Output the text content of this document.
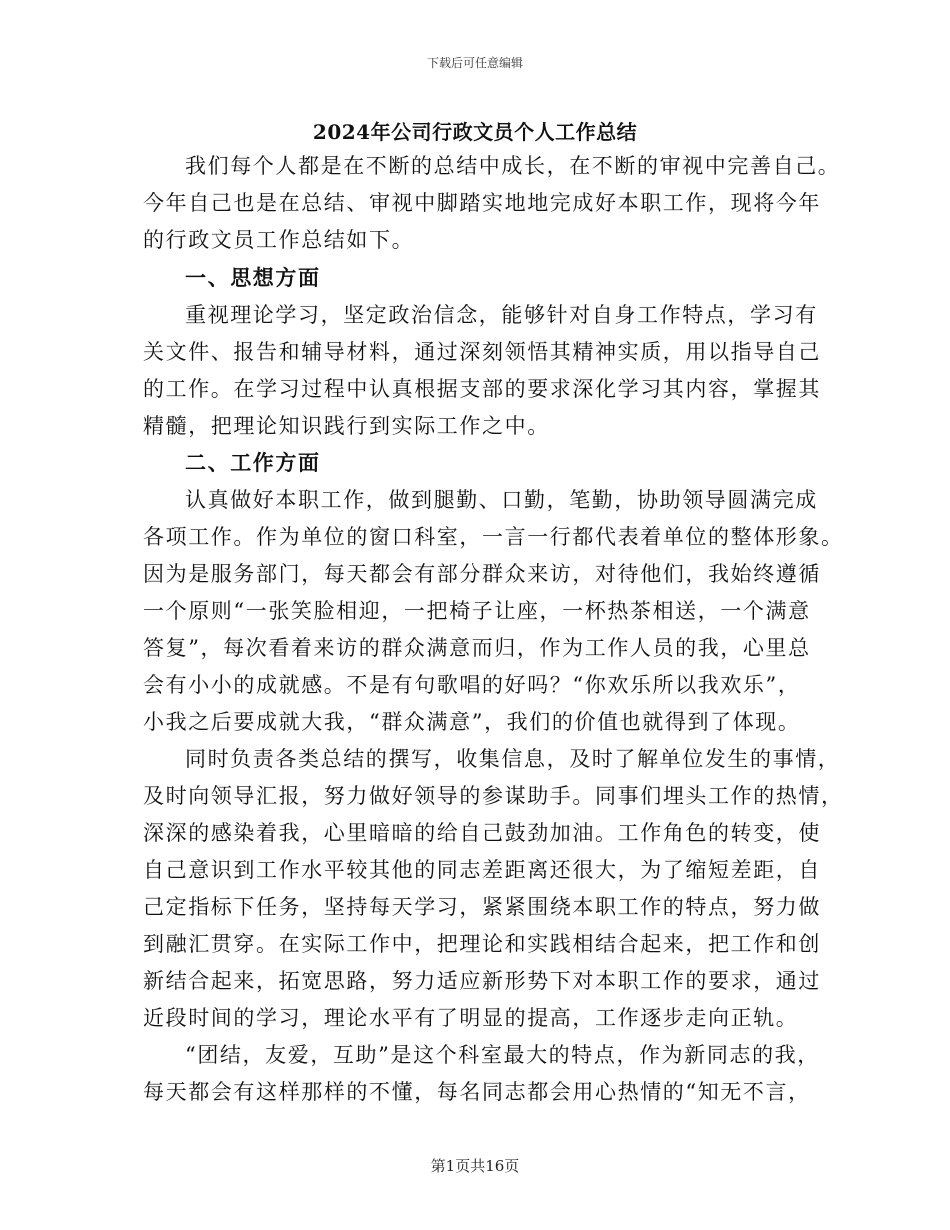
下载后可任意编辑
2024年公司行政文员个人工作总结
我们每个人都是在不断的总结中成长，在不断的审视中完善自己。
今年自己也是在总结、审视中脚踏实地地完成好本职工作，现将今年
的行政文员工作总结如下。
一、思想方面
重视理论学习，坚定政治信念，能够针对自身工作特点，学习有
关文件、报告和辅导材料，通过深刻领悟其精神实质，用以指导自己
的工作。在学习过程中认真根据支部的要求深化学习其内容，掌握其
精髓，把理论知识践行到实际工作之中。
二、工作方面
认真做好本职工作，做到腿勤、口勤，笔勤，协助领导圆满完成
各项工作。作为单位的窗口科室，一言一行都代表着单位的整体形象。
因为是服务部门，每天都会有部分群众来访，对待他们，我始终遵循
一个原则“一张笑脸相迎，一把椅子让座，一杯热茶相送，一个满意
答复”，每次看着来访的群众满意而归，作为工作人员的我，心里总
会有小小的成就感。不是有句歌唱的好吗？“你欢乐所以我欢乐”，
小我之后要成就大我，“群众满意”，我们的价值也就得到了体现。
同时负责各类总结的撰写，收集信息，及时了解单位发生的事情，
及时向领导汇报，努力做好领导的参谋助手。同事们埋头工作的热情，
深深的感染着我，心里暗暗的给自己鼓劲加油。工作角色的转变，使
自己意识到工作水平较其他的同志差距离还很大，为了缩短差距，自
己定指标下任务，坚持每天学习，紧紧围绕本职工作的特点，努力做
到融汇贯穿。在实际工作中，把理论和实践相结合起来，把工作和创
新结合起来，拓宽思路，努力适应新形势下对本职工作的要求，通过
近段时间的学习，理论水平有了明显的提高，工作逐步走向正轨。
“团结，友爱，互助”是这个科室最大的特点，作为新同志的我，
每天都会有这样那样的不懂，每名同志都会用心热情的“知无不言，
第1页共16页
